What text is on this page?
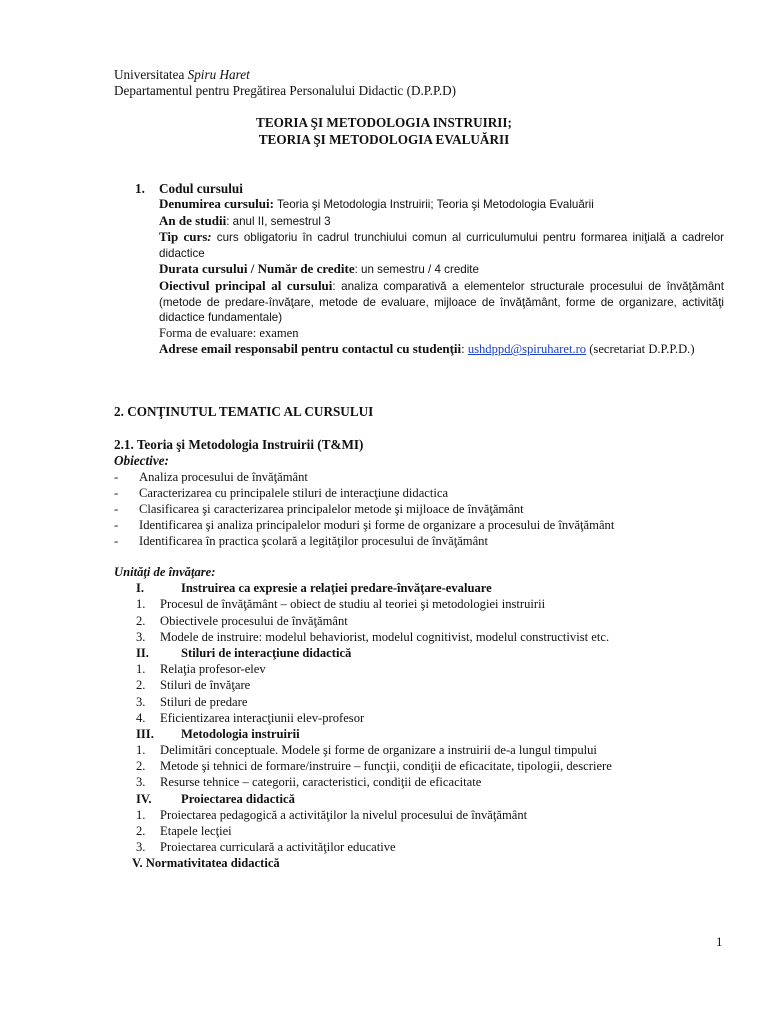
Universitatea Spiru Haret
Departamentul pentru Pregătirea Personalului Didactic (D.P.P.D)
TEORIA ŞI METODOLOGIA INSTRUIRII;
TEORIA ŞI METODOLOGIA EVALUĂRII
1. Codul cursului

Denumirea cursului: Teoria şi Metodologia Instruirii; Teoria şi Metodologia Evaluării

An de studii: anul II, semestrul 3

Tip curs: curs obligatoriu în cadrul trunchiului comun al curriculumului pentru formarea iniţială a cadrelor didactice

Durata cursului / Număr de credite: un semestru / 4 credite

Oiectivul principal al cursului: analiza comparativă a elementelor structurale procesului de învăţământ (metode de predare-învăţare, metode de evaluare, mijloace de învăţământ, forme de organizare, activităţi didactice fundamentale)

Forma de evaluare: examen

Adrese email responsabil pentru contactul cu studenţii: ushdppd@spiruharet.ro (secretariat D.P.P.D.)

2. CONŢINUTUL TEMATIC AL CURSULUI
2.1. Teoria şi Metodologia Instruirii (T&MI)
Obiective:
- Analiza procesului de învăţământ
- Caracterizarea cu principalele stiluri de interacţiune didactica
- Clasificarea şi caracterizarea principalelor metode şi mijloace de învăţământ
- Identificarea şi analiza principalelor moduri şi forme de organizare a procesului de învăţământ
- Identificarea în practica şcolară a legităţilor procesului de învăţământ
Unităţi de învăţare:
I.	Instruirea ca expresie a relaţiei predare-învăţare-evaluare
1. Procesul de învăţământ – obiect de studiu al teoriei şi metodologiei instruirii
2. Obiectivele procesului de învăţământ
3. Modele de instruire: modelul behaviorist, modelul cognitivist, modelul constructivist etc.
II.	Stiluri de interacţiune didactică
1. Relaţia profesor-elev
2. Stiluri de învăţare
3. Stiluri de predare
4. Eficientizarea interacţiunii elev-profesor
III. Metodologia instruirii
1. Delimitări conceptuale. Modele şi forme de organizare a instruirii de-a lungul timpului
2. Metode şi tehnici de formare/instruire – funcţii, condiţii de eficacitate, tipologii, descriere
3. Resurse tehnice – categorii, caracteristici, condiţii de eficacitate
IV. Proiectarea didactică
1. Proiectarea pedagogică a activităţilor la nivelul procesului de învăţământ
2. Etapele lecţiei
3. Proiectarea curriculară a activităţilor educative
V. Normativitatea didactică
1
